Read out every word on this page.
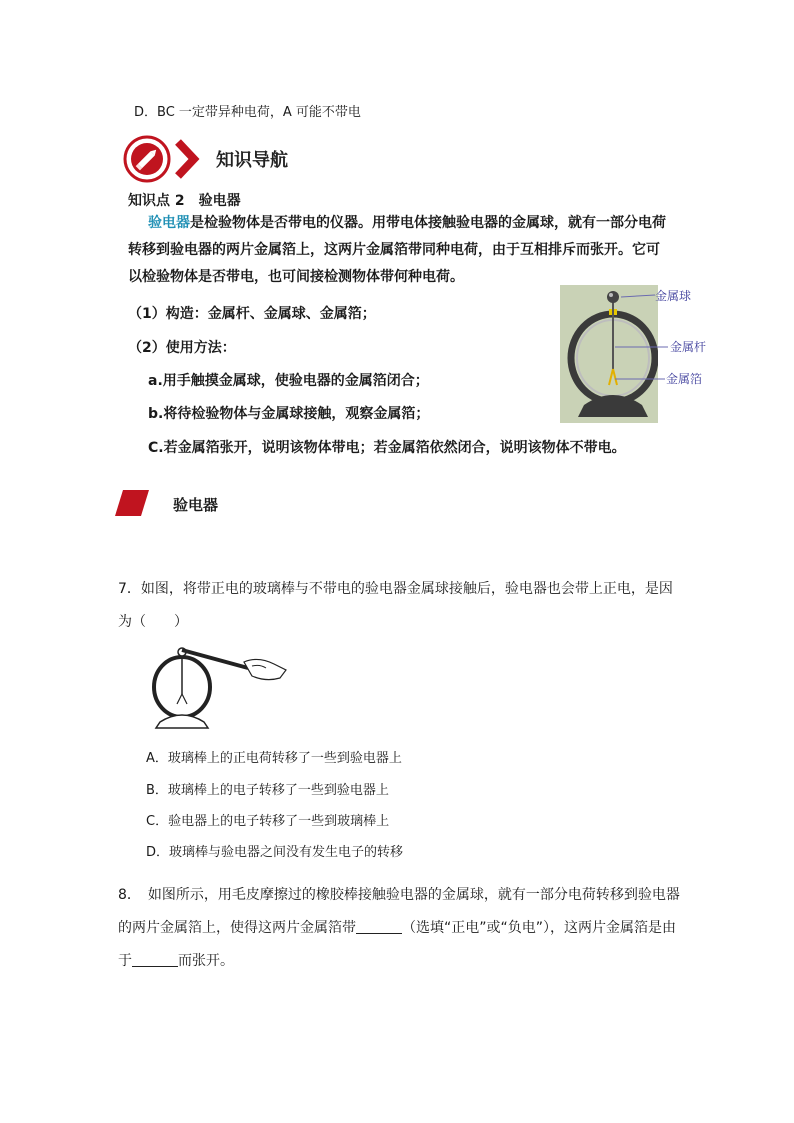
D．BC 一定带异种电荷，A 可能不带电
知识导航
知识点 2　验电器
验电器是检验物体是否带电的仪器。用带电体接触验电器的金属球，就有一部分电荷转移到验电器的两片金属箔上，这两片金属箔带同种电荷，由于互相排斥而张开。它可以检验物体是否带电，也可间接检测物体带何种电荷。
（1）构造：金属杆、金属球、金属箔；
（2）使用方法：
a.用手触摸金属球，使验电器的金属箔闭合；
b.将待检验物体与金属球接触，观察金属箔；
C.若金属箔张开，说明该物体带电；若金属箔依然闭合，说明该物体不带电。
金属球
金属杆
金属箔
验电器
7．如图，将带正电的玻璃棒与不带电的验电器金属球接触后，验电器也会带上正电，是因
为（　　）
A．玻璃棒上的正电荷转移了一些到验电器上
B．玻璃棒上的电子转移了一些到验电器上
C．验电器上的电子转移了一些到玻璃棒上
D．玻璃棒与验电器之间没有发生电子的转移
8．　如图所示，用毛皮摩擦过的橡胶棒接触验电器的金属球，就有一部分电荷转移到验电器的两片金属箔上，使得这两片金属箔带	（选填“正电”或“负电”），这两片金属箔是由于	而张开。
